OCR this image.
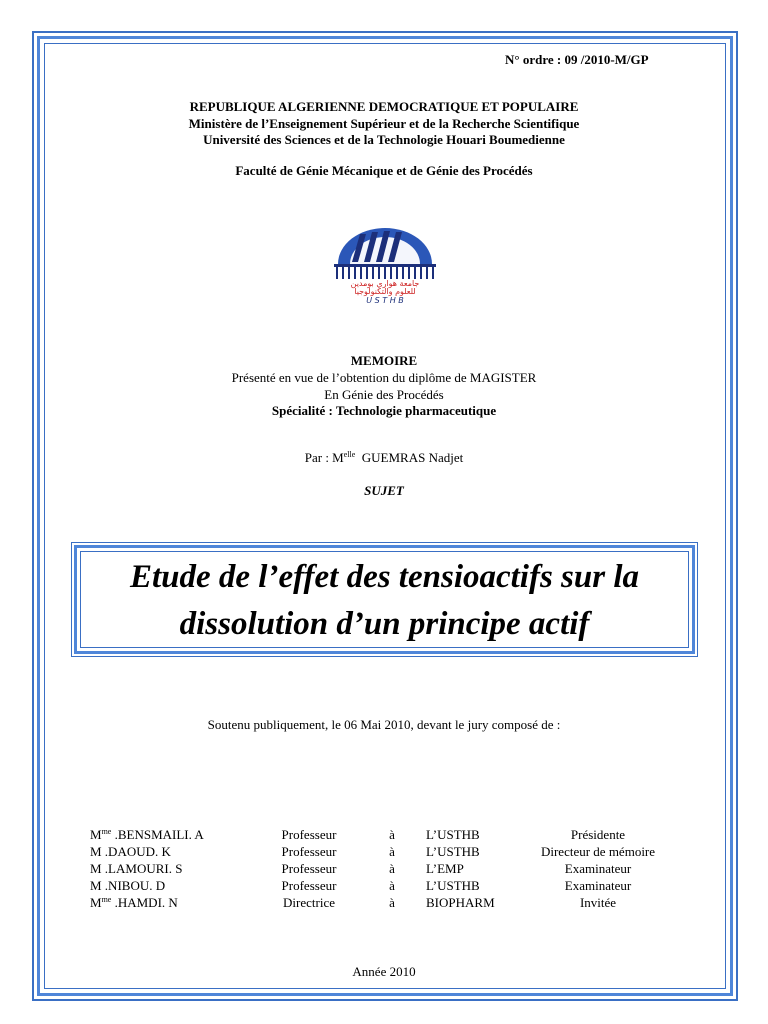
N° ordre : 09 /2010-M/GP
REPUBLIQUE ALGERIENNE DEMOCRATIQUE ET POPULAIRE
Ministère de l’Enseignement Supérieur et de la Recherche Scientifique
Université des Sciences et de la Technologie Houari Boumedienne
Faculté de Génie Mécanique et de Génie des Procédés
جامعة هواري بومدين
للعلوم والتكنولوجيا
U S T H B
MEMOIRE
Présenté en vue de l’obtention du diplôme de MAGISTER
En Génie des Procédés
Spécialité : Technologie pharmaceutique
Par : $M^{elle}$ GUEMRAS Nadjet
SUJET
Etude de l’effet des tensioactifs sur la
dissolution d’un principe actif
Soutenu publiquement, le 06 Mai 2010, devant le jury composé de :
$M^{me}$ .BENSMAILI. A	Professeur	à	L’USTHB	Présidente
M .DAOUD. K	Professeur	à	L’USTHB	Directeur de mémoire
M .LAMOURI. S	Professeur	à	L’EMP	Examinateur
M .NIBOU. D	Professeur	à	L’USTHB	Examinateur
$M^{me}$ .HAMDI. N	Directrice	à	BIOPHARM	Invitée
Année 2010
